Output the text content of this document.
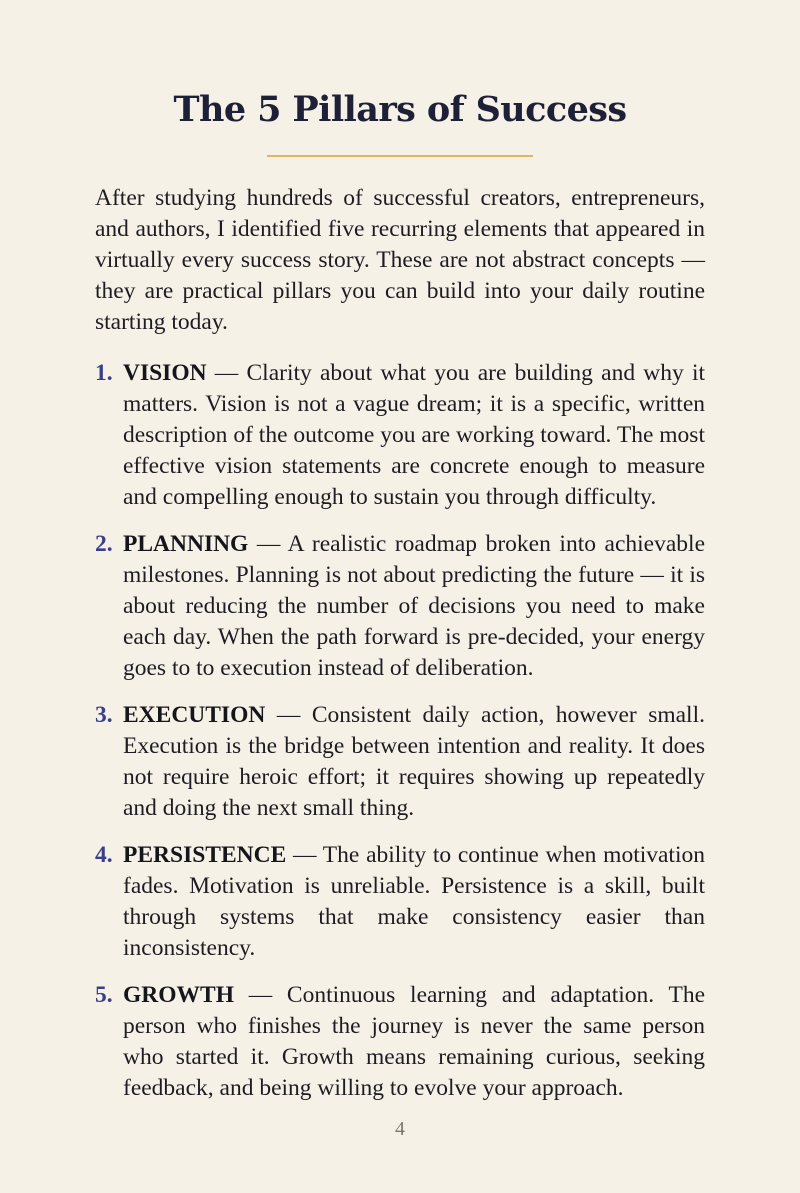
The 5 Pillars of Success

After studying hundreds of successful creators, entrepreneurs, and authors, I identified five recurring elements that appeared in virtually every success story. These are not abstract concepts — they are practical pillars you can build into your daily routine starting today.

1. VISION — Clarity about what you are building and why it matters. Vision is not a vague dream; it is a specific, written description of the outcome you are working toward. The most effective vision statements are concrete enough to measure and compelling enough to sustain you through difficulty.
2. PLANNING — A realistic roadmap broken into achievable milestones. Planning is not about predicting the future — it is about reducing the number of decisions you need to make each day. When the path forward is pre-decided, your energy goes to to execution instead of deliberation.
3. EXECUTION — Consistent daily action, however small. Execution is the bridge between intention and reality. It does not require heroic effort; it requires showing up repeatedly and doing the next small thing.
4. PERSISTENCE — The ability to continue when motivation fades. Motivation is unreliable. Persistence is a skill, built through systems that make consistency easier than inconsistency.
5. GROWTH — Continuous learning and adaptation. The person who finishes the journey is never the same person who started it. Growth means remaining curious, seeking feedback, and being willing to evolve your approach.
4
